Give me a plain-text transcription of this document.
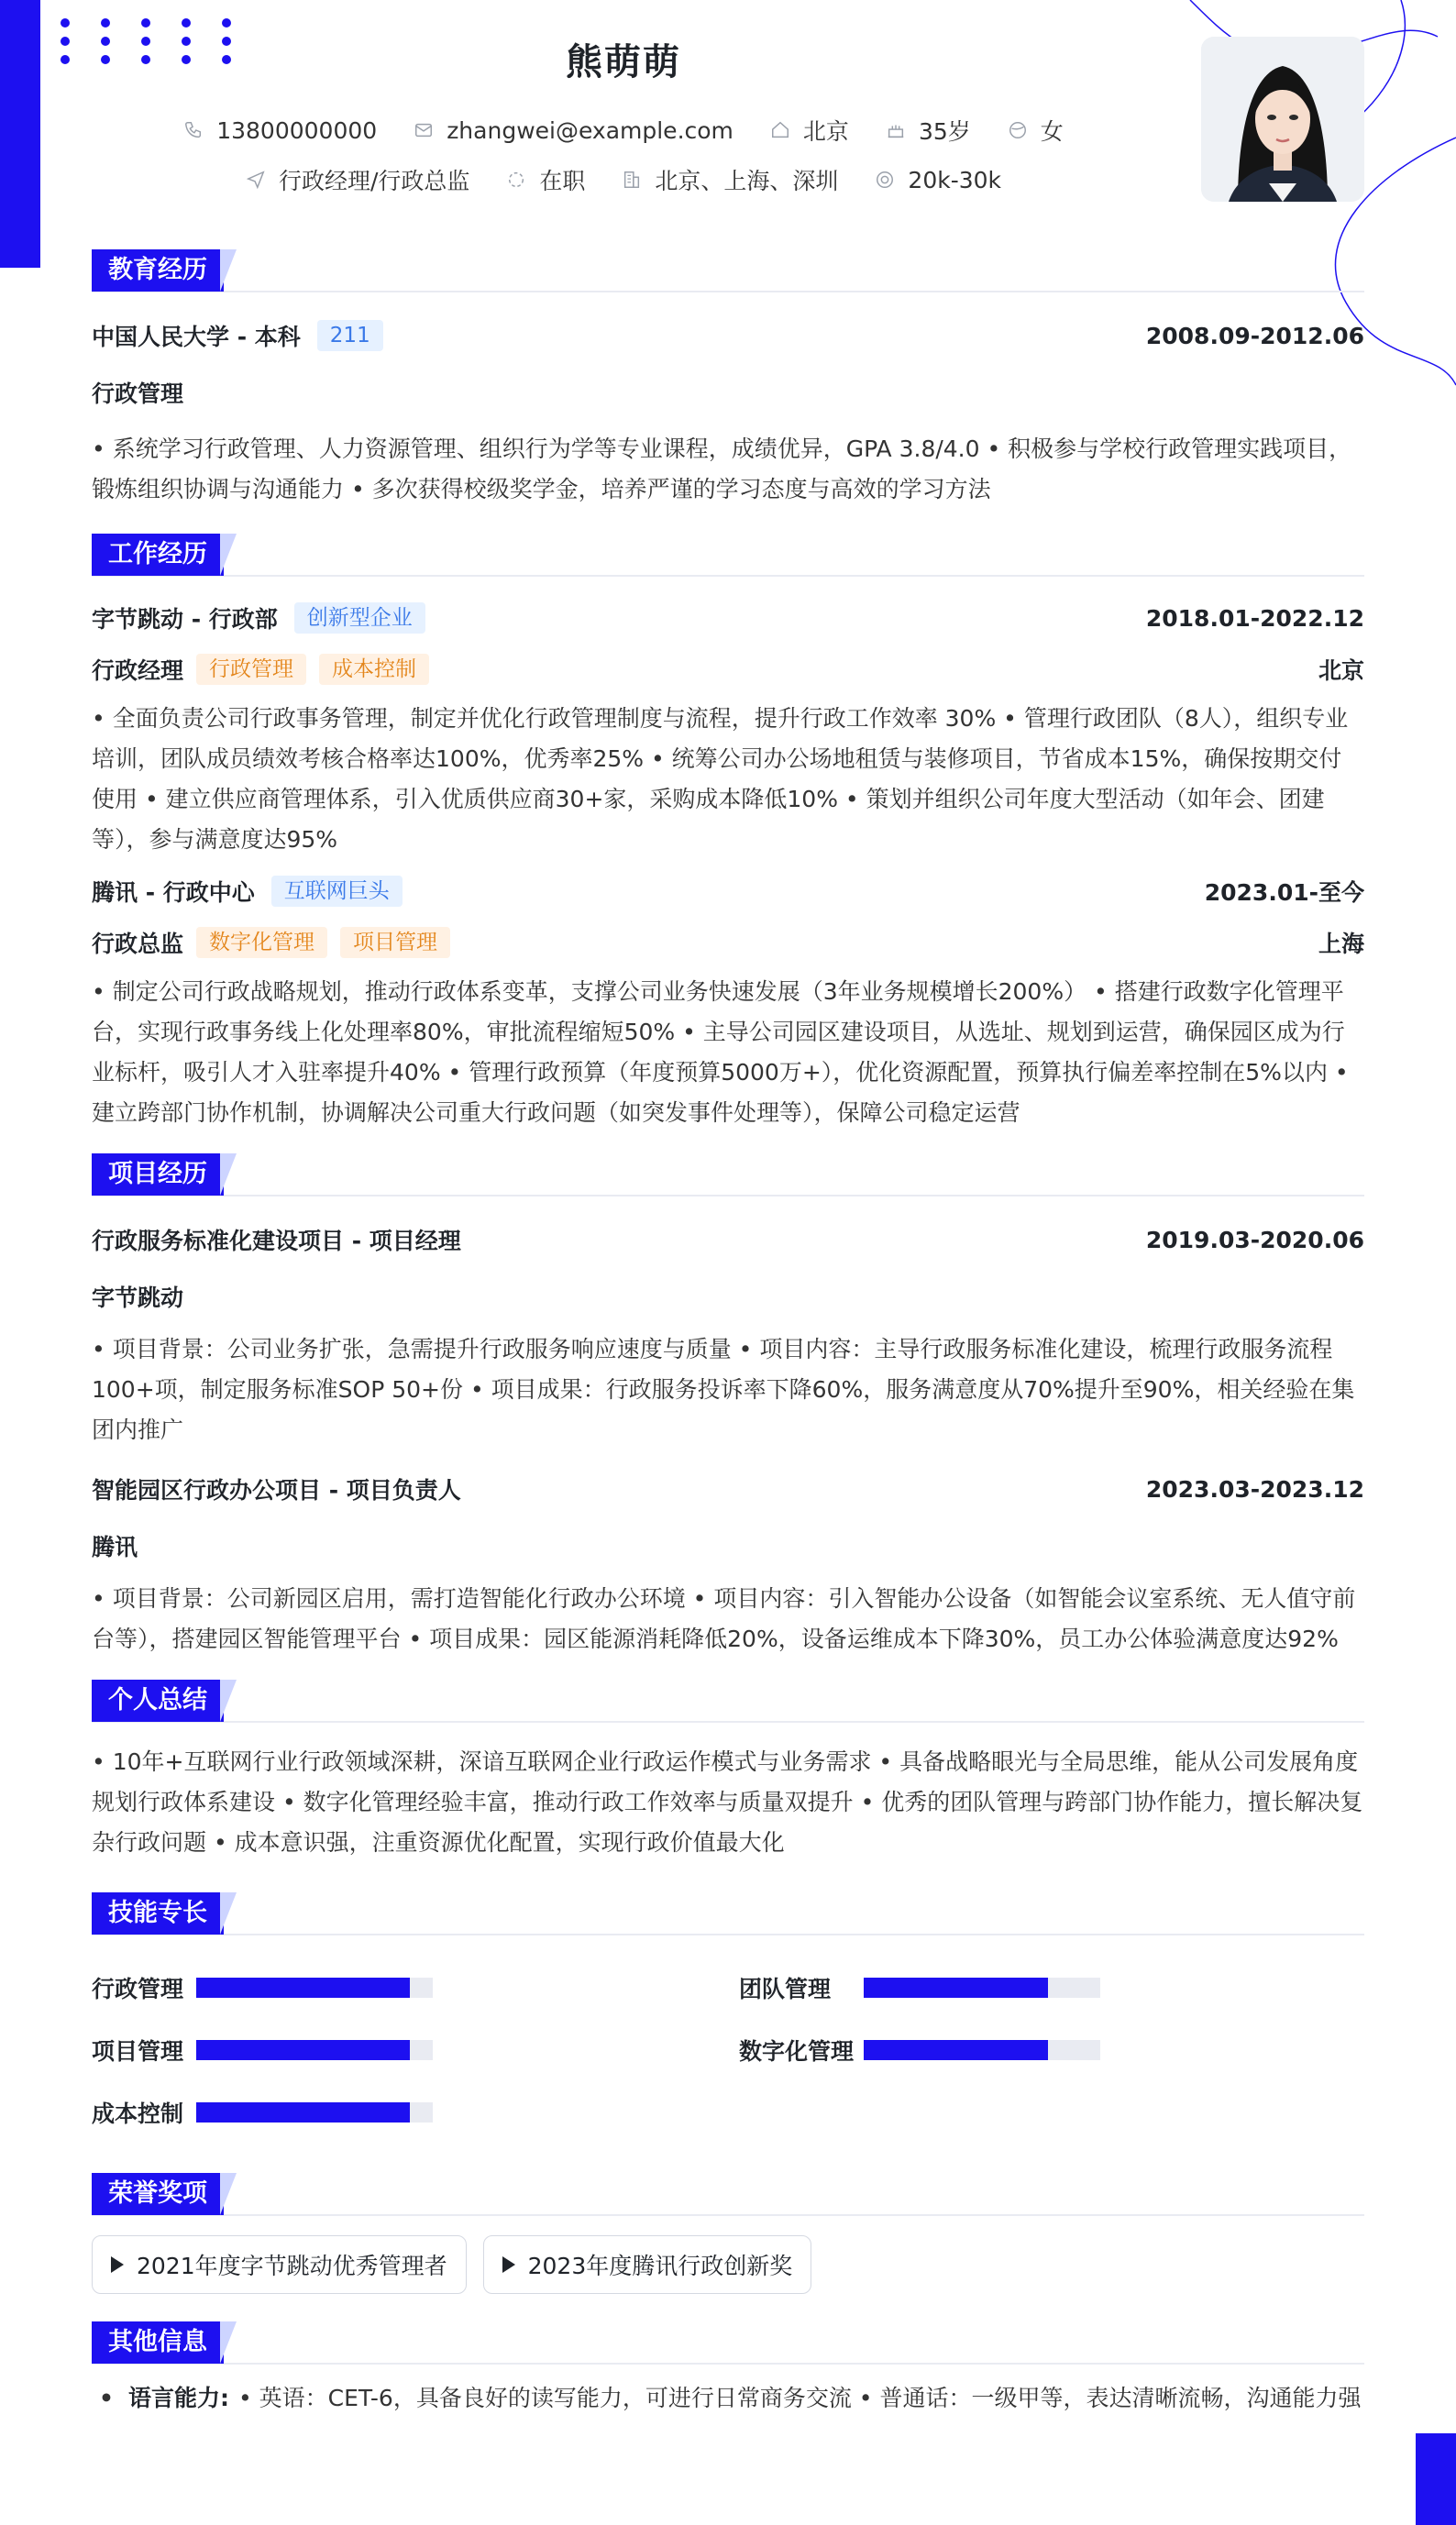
熊萌萌
13800000000	zhangwei@example.com	北京	35岁	女
行政经理/行政总监	在职	北京、上海、深圳	20k-30k
教育经历
中国人民大学 - 本科	211	2008.09-2012.06
行政管理
• 系统学习行政管理、人力资源管理、组织行为学等专业课程，成绩优异，GPA 3.8/4.0 • 积极参与学校行政管理实践项目，锻炼组织协调与沟通能力 • 多次获得校级奖学金，培养严谨的学习态度与高效的学习方法
工作经历
字节跳动 - 行政部	创新型企业	2018.01-2022.12
行政经理	行政管理	成本控制	北京
• 全面负责公司行政事务管理，制定并优化行政管理制度与流程，提升行政工作效率 30% • 管理行政团队（8人），组织专业培训，团队成员绩效考核合格率达100%，优秀率25% • 统筹公司办公场地租赁与装修项目，节省成本15%，确保按期交付使用 • 建立供应商管理体系，引入优质供应商30+家，采购成本降低10% • 策划并组织公司年度大型活动（如年会、团建等），参与满意度达95%
腾讯 - 行政中心	互联网巨头	2023.01-至今
行政总监	数字化管理	项目管理	上海
• 制定公司行政战略规划，推动行政体系变革，支撑公司业务快速发展（3年业务规模增长200%） • 搭建行政数字化管理平台，实现行政事务线上化处理率80%，审批流程缩短50% • 主导公司园区建设项目，从选址、规划到运营，确保园区成为行业标杆，吸引人才入驻率提升40% • 管理行政预算（年度预算5000万+），优化资源配置，预算执行偏差率控制在5%以内 • 建立跨部门协作机制，协调解决公司重大行政问题（如突发事件处理等），保障公司稳定运营
项目经历
行政服务标准化建设项目 - 项目经理	2019.03-2020.06
字节跳动
• 项目背景：公司业务扩张，急需提升行政服务响应速度与质量 • 项目内容：主导行政服务标准化建设，梳理行政服务流程100+项，制定服务标准SOP 50+份 • 项目成果：行政服务投诉率下降60%，服务满意度从70%提升至90%，相关经验在集团内推广
智能园区行政办公项目 - 项目负责人	2023.03-2023.12
腾讯
• 项目背景：公司新园区启用，需打造智能化行政办公环境 • 项目内容：引入智能办公设备（如智能会议室系统、无人值守前台等），搭建园区智能管理平台 • 项目成果：园区能源消耗降低20%，设备运维成本下降30%，员工办公体验满意度达92%
个人总结
• 10年+互联网行业行政领域深耕，深谙互联网企业行政运作模式与业务需求 • 具备战略眼光与全局思维，能从公司发展角度规划行政体系建设 • 数字化管理经验丰富，推动行政工作效率与质量双提升 • 优秀的团队管理与跨部门协作能力，擅长解决复杂行政问题 • 成本意识强，注重资源优化配置，实现行政价值最大化
技能专长
行政管理	团队管理
项目管理	数字化管理
成本控制
荣誉奖项
2021年度字节跳动优秀管理者	2023年度腾讯行政创新奖
其他信息
• 语言能力: • 英语：CET-6，具备良好的读写能力，可进行日常商务交流 • 普通话：一级甲等，表达清晰流畅，沟通能力强
